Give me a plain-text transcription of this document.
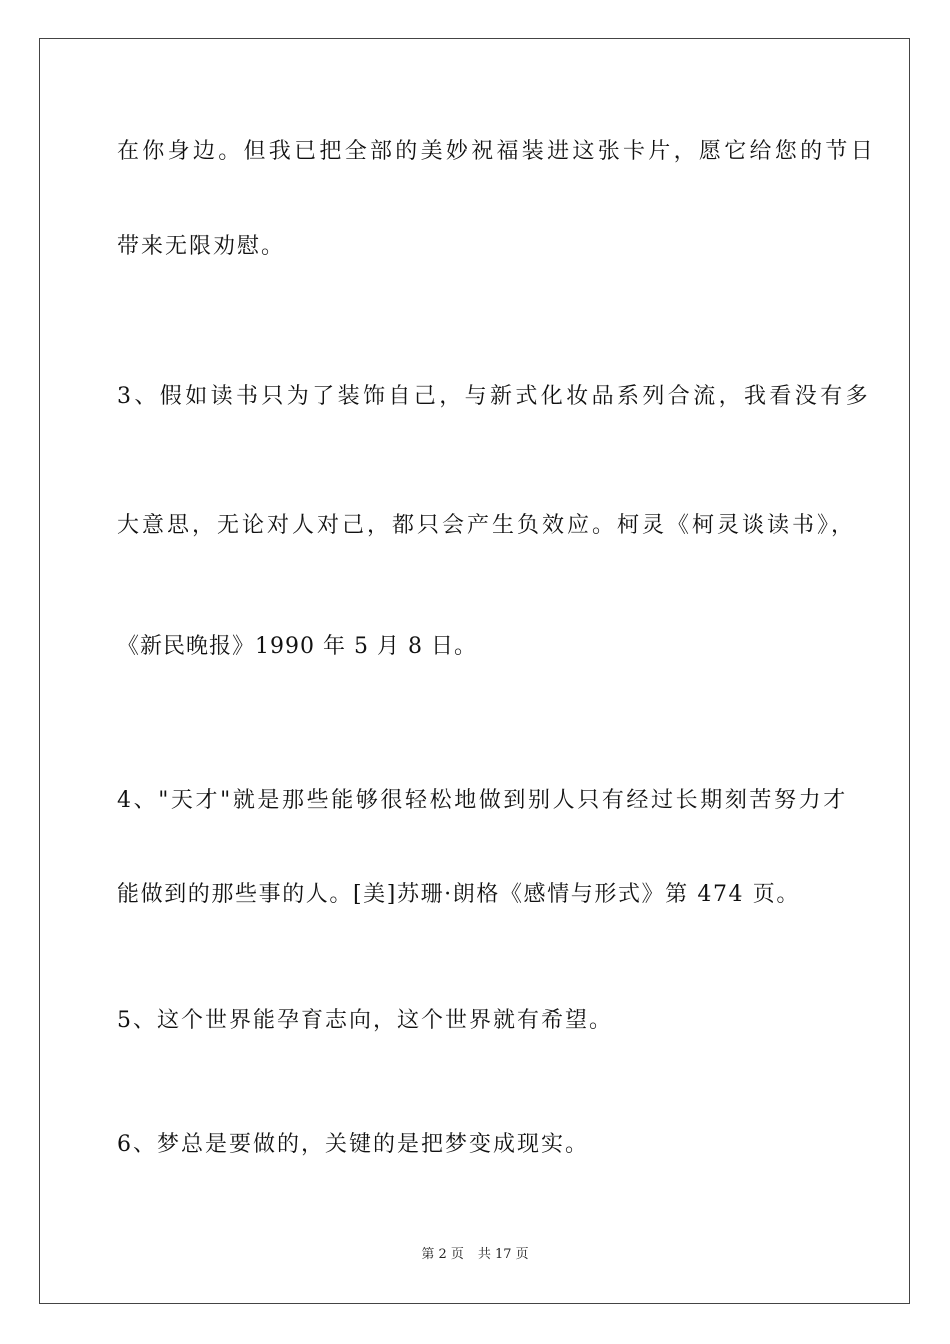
在你身边。但我已把全部的美妙祝福装进这张卡片，愿它给您的节日
带来无限劝慰。
3、假如读书只为了装饰自己，与新式化妆品系列合流，我看没有多
大意思，无论对人对己，都只会产生负效应。柯灵《柯灵谈读书》，
《新民晚报》1990 年 5 月 8 日。
4、"天才"就是那些能够很轻松地做到别人只有经过长期刻苦努力才
能做到的那些事的人。[美]苏珊·朗格《感情与形式》第 474 页。
5、这个世界能孕育志向，这个世界就有希望。
6、梦总是要做的，关键的是把梦变成现实。
第 2 页 共 17 页
